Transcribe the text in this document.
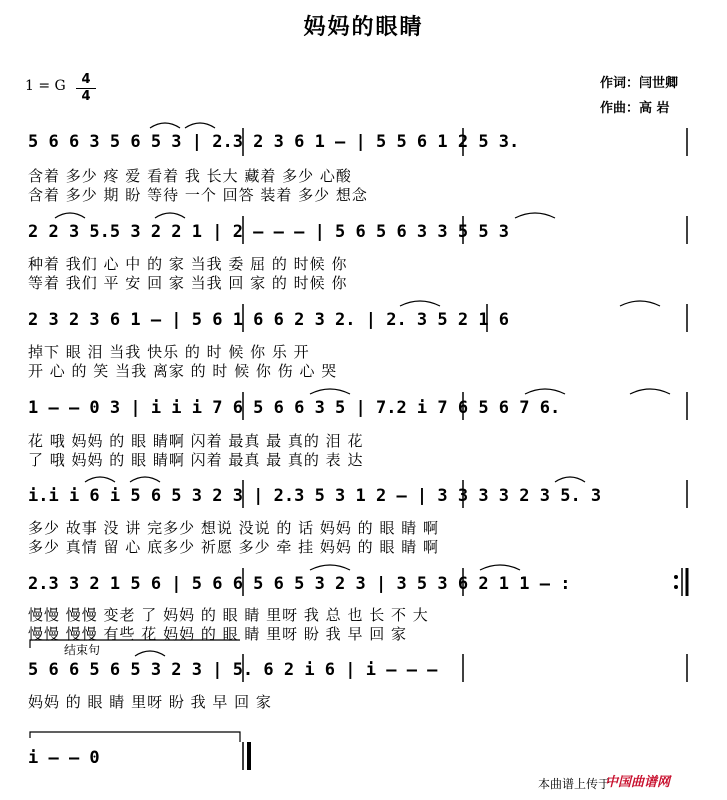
妈妈的眼睛
1 = G	4
4
作词：闫世卿
作曲：高 岩
5 6 6 3 5 6 5 3 | 2.3 2 3 6 1 – | 5 5 6 1 2 5 3.
含着 多少 疼 爱 看着 我 长大 藏着 多少 心酸
含着 多少 期 盼 等待 一个 回答 装着 多少 想念
2 2 3 5.5 3 2 2 1 | 2 – – – | 5 6 5 6 3 3 5 5 3
种着 我们 心 中 的 家 当我 委 屈 的 时候 你
等着 我们 平 安 回 家 当我 回 家 的 时候 你
2 3 2 3 6 1 – | 5 6 1 6 6 2 3 2. | 2. 3 5 2 1 6
掉下 眼 泪 当我 快乐 的 时 候 你 乐 开
开 心 的 笑 当我 离家 的 时 候 你 伤 心 哭
1 – – 0 3 | i i i 7 6 5 6 6 3 5 | 7.2 i 7 6 5 6 7 6.
花 哦 妈妈 的 眼 睛啊 闪着 最真 最 真的 泪 花
了 哦 妈妈 的 眼 睛啊 闪着 最真 最 真的 表 达
i.i i 6 i 5 6 5 3 2 3 | 2.3 5 3 1 2 – | 3 3 3 3 2 3 5. 3
多少 故事 没 讲 完多少 想说 没说 的 话 妈妈 的 眼 睛 啊
多少 真情 留 心 底多少 祈愿 多少 牵 挂 妈妈 的 眼 睛 啊
2.3 3 2 1 5 6 | 5 6 6 5 6 5 3 2 3 | 3 5 3 6 2 1 1 – :
慢慢 慢慢 变老 了 妈妈 的 眼 睛 里呀 我 总 也 长 不 大
慢慢 慢慢 有些 花 妈妈 的 眼 睛 里呀 盼 我 早 回 家
结束句
5 6 6 5 6 5 3 2 3 | 5. 6 2 i 6 | i – – –
妈妈 的 眼 睛 里呀 盼 我 早 回 家
i – – 0
本曲谱上传于
中国曲谱网
